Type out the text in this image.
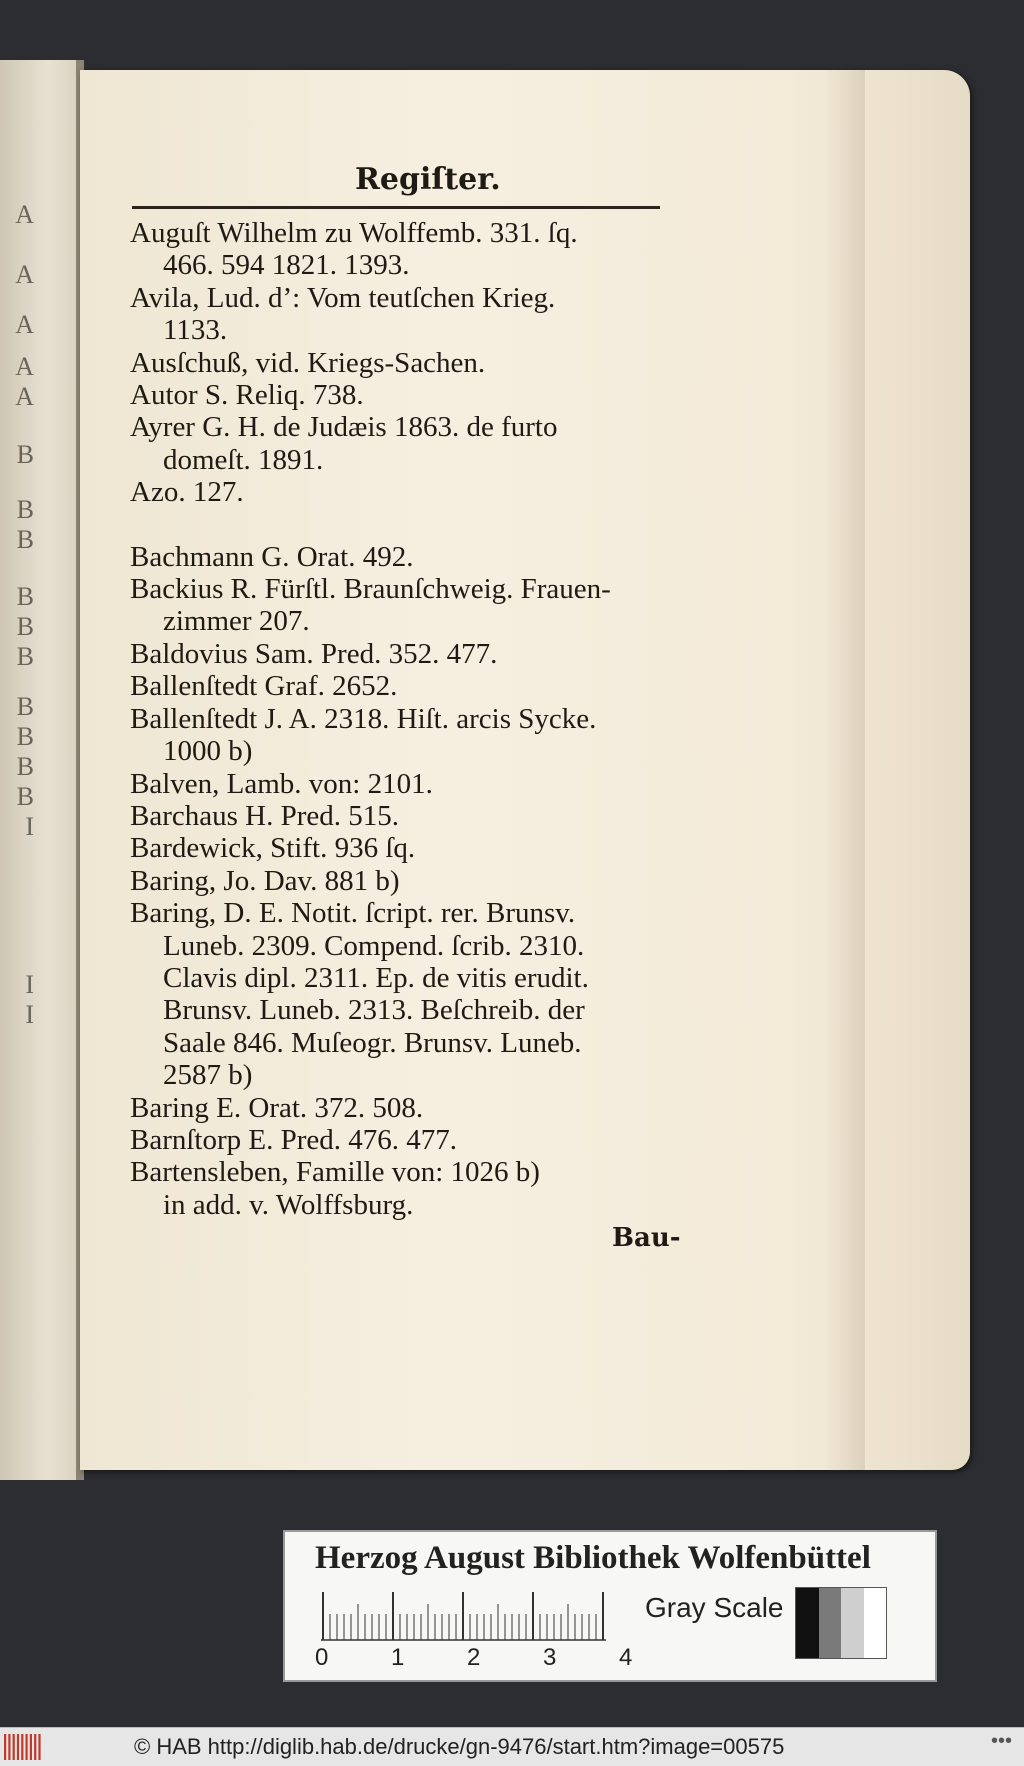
A
A
A
A
A
B
B
B
B
B
B
B
B
B
B
I
I
I
Regiſter.
Auguſt Wilhelm zu Wolffemb. 331. ſq.
466. 594 1821. 1393.
Avila, Lud. d’: Vom teutſchen Krieg.
1133.
Ausſchuß, vid. Kriegs-Sachen.
Autor S. Reliq. 738.
Ayrer G. H. de Judæis 1863. de furto
domeſt. 1891.
Azo. 127.
Bachmann G. Orat. 492.
Backius R. Fürſtl. Braunſchweig. Frauen-
zimmer 207.
Baldovius Sam. Pred. 352. 477.
Ballenſtedt Graf. 2652.
Ballenſtedt J. A. 2318. Hiſt. arcis Sycke.
1000 b)
Balven, Lamb. von: 2101.
Barchaus H. Pred. 515.
Bardewick, Stift. 936 ſq.
Baring, Jo. Dav. 881 b)
Baring, D. E. Notit. ſcript. rer. Brunsv.
Luneb. 2309. Compend. ſcrib. 2310.
Clavis dipl. 2311. Ep. de vitis erudit.
Brunsv. Luneb. 2313. Beſchreib. der
Saale 846. Muſeogr. Brunsv. Luneb.
2587 b)
Baring E. Orat. 372. 508.
Barnſtorp E. Pred. 476. 477.
Bartensleben, Famille von: 1026 b)
in add. v. Wolffsburg.
Bau-
Herzog August Bibliothek Wolfenbüttel
0	1	2	3	4
Gray Scale
© HAB http://diglib.hab.de/drucke/gn-9476/start.htm?image=00575	•••
